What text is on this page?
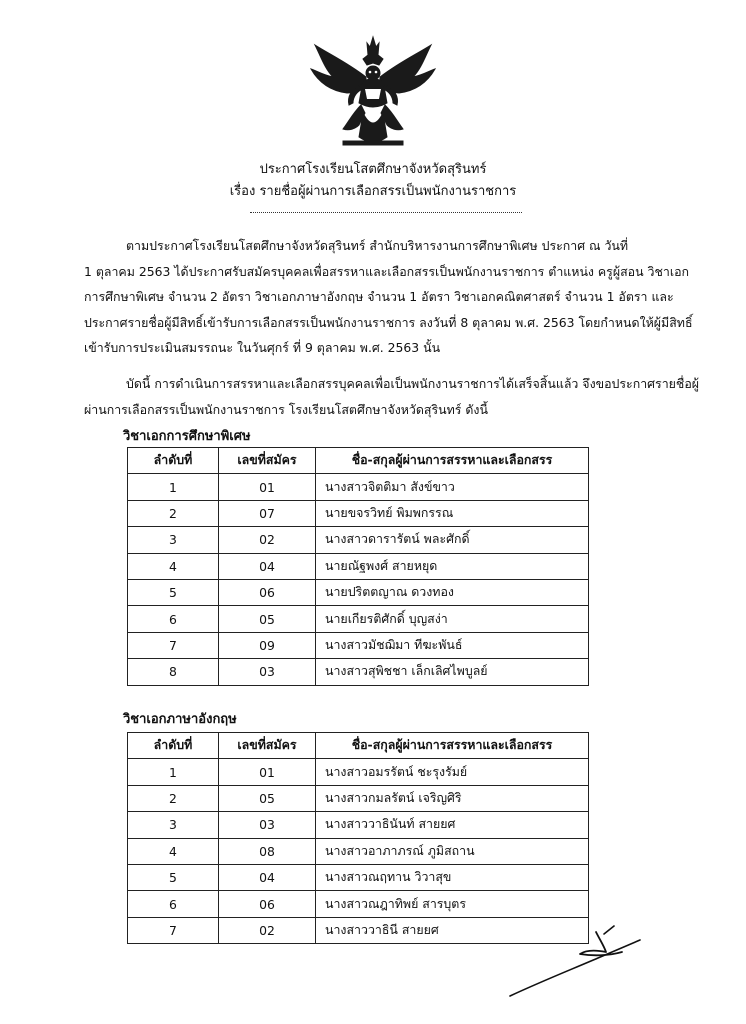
ประกาศโรงเรียนโสตศึกษาจังหวัดสุรินทร์
เรื่อง รายชื่อผู้ผ่านการเลือกสรรเป็นพนักงานราชการ

ตามประกาศโรงเรียนโสตศึกษาจังหวัดสุรินทร์ สำนักบริหารงานการศึกษาพิเศษ ประกาศ ณ วันที่

1 ตุลาคม 2563 ได้ประกาศรับสมัครบุคคลเพื่อสรรหาและเลือกสรรเป็นพนักงานราชการ ตำแหน่ง ครูผู้สอน วิชาเอก

การศึกษาพิเศษ จำนวน 2 อัตรา วิชาเอกภาษาอังกฤษ จำนวน 1 อัตรา วิชาเอกคณิตศาสตร์ จำนวน 1 อัตรา และ

ประกาศรายชื่อผู้มีสิทธิ์เข้ารับการเลือกสรรเป็นพนักงานราชการ ลงวันที่ 8 ตุลาคม พ.ศ. 2563 โดยกำหนดให้ผู้มีสิทธิ์

เข้ารับการประเมินสมรรถนะ ในวันศุกร์ ที่ 9 ตุลาคม พ.ศ. 2563 นั้น

บัดนี้ การดำเนินการสรรหาและเลือกสรรบุคคลเพื่อเป็นพนักงานราชการได้เสร็จสิ้นแล้ว จึงขอประกาศรายชื่อผู้

ผ่านการเลือกสรรเป็นพนักงานราชการ โรงเรียนโสตศึกษาจังหวัดสุรินทร์ ดังนี้

วิชาเอกการศึกษาพิเศษ
ลำดับที่	เลขที่สมัคร	ชื่อ-สกุลผู้ผ่านการสรรหาและเลือกสรร
1	01	นางสาวจิตติมา สังข์ขาว
2	07	นายขจรวิทย์ พิมพกรรณ
3	02	นางสาวดารารัตน์ พละศักดิ์
4	04	นายณัฐพงศ์ สายหยุด
5	06	นายปริตตญาณ ดวงทอง
6	05	นายเกียรติศักดิ์ บุญสง่า
7	09	นางสาวมัชฌิมา ทีฆะพันธ์
8	03	นางสาวสุพิชชา เล็กเลิศไพบูลย์
วิชาเอกภาษาอังกฤษ
ลำดับที่	เลขที่สมัคร	ชื่อ-สกุลผู้ผ่านการสรรหาและเลือกสรร
1	01	นางสาวอมรรัตน์ ชะรุงรัมย์
2	05	นางสาวกมลรัตน์ เจริญศิริ
3	03	นางสาววาธินันท์ สายยศ
4	08	นางสาวอาภาภรณ์ ภูมิสถาน
5	04	นางสาวณฤทาน วิวาสุข
6	06	นางสาวณฎาทิพย์ สารบุตร
7	02	นางสาววาธินี สายยศ
